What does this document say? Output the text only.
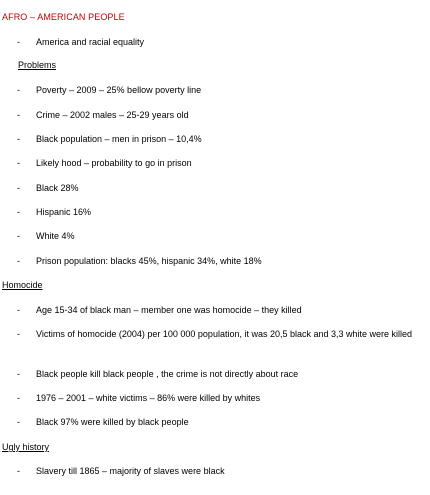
AFRO – AMERICAN PEOPLE
- America and racial equality
Problems
- Poverty – 2009 – 25% bellow poverty line
- Crime – 2002 males – 25-29 years old
- Black population – men in prison – 10,4%
- Likely hood – probability to go in prison
- Black 28%
- Hispanic 16%
- White 4%
- Prison population: blacks 45%, hispanic 34%, white 18%
Homocide
- Age 15-34 of black man – member one was homocide – they killed
- Victims of homocide (2004) per 100 000 population, it was 20,5 black and 3,3 white were killed
- Black people kill black people , the crime is not directly about race
- 1976 – 2001 – white victims – 86% were killed by whites
- Black 97% were killed by black people
Ugly history
- Slavery till 1865 – majority of slaves were black
